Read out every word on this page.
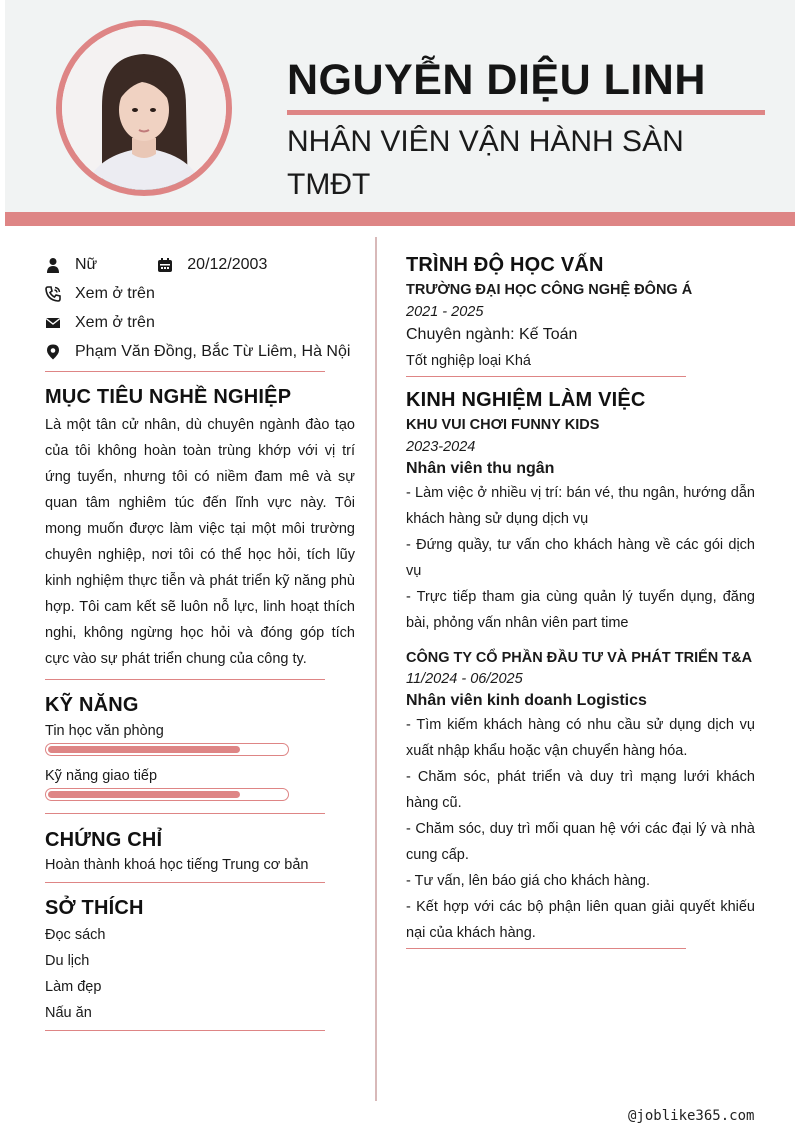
NGUYỄN DIỆU LINH
NHÂN VIÊN VẬN HÀNH SÀN TMĐT
Nữ	20/12/2003
Xem ở trên
Xem ở trên
Phạm Văn Đồng, Bắc Từ Liêm, Hà Nội
MỤC TIÊU NGHỀ NGHIỆP

Là một tân cử nhân, dù chuyên ngành đào tạo của tôi không hoàn toàn trùng khớp với vị trí ứng tuyển, nhưng tôi có niềm đam mê và sự quan tâm nghiêm túc đến lĩnh vực này. Tôi mong muốn được làm việc tại một môi trường chuyên nghiệp, nơi tôi có thể học hỏi, tích lũy kinh nghiệm thực tiễn và phát triển kỹ năng phù hợp. Tôi cam kết sẽ luôn nỗ lực, linh hoạt thích nghi, không ngừng học hỏi và đóng góp tích cực vào sự phát triển chung của công ty.

KỸ NĂNG

Tin học văn phòng

Kỹ năng giao tiếp

CHỨNG CHỈ

Hoàn thành khoá học tiếng Trung cơ bản

SỞ THÍCH

Đọc sách

Du lịch

Làm đẹp

Nấu ăn

TRÌNH ĐỘ HỌC VẤN

TRƯỜNG ĐẠI HỌC CÔNG NGHỆ ĐÔNG Á

2021 - 2025

Chuyên ngành: Kế Toán

Tốt nghiệp loại Khá

KINH NGHIỆM LÀM VIỆC

KHU VUI CHƠI FUNNY KIDS

2023-2024

Nhân viên thu ngân

- Làm việc ở nhiều vị trí: bán vé, thu ngân, hướng dẫn khách hàng sử dụng dịch vụ

- Đứng quầy, tư vấn cho khách hàng về các gói dịch vụ

- Trực tiếp tham gia cùng quản lý tuyển dụng, đăng bài, phỏng vấn nhân viên part time

CÔNG TY CỔ PHẦN ĐẦU TƯ VÀ PHÁT TRIỂN T&A

11/2024 - 06/2025

Nhân viên kinh doanh Logistics

- Tìm kiếm khách hàng có nhu cầu sử dụng dịch vụ xuất nhập khẩu hoặc vận chuyển hàng hóa.

- Chăm sóc, phát triển và duy trì mạng lưới khách hàng cũ.

- Chăm sóc, duy trì mối quan hệ với các đại lý và nhà cung cấp.

- Tư vấn, lên báo giá cho khách hàng.

- Kết hợp với các bộ phận liên quan giải quyết khiếu nại của khách hàng.

@joblike365.com
